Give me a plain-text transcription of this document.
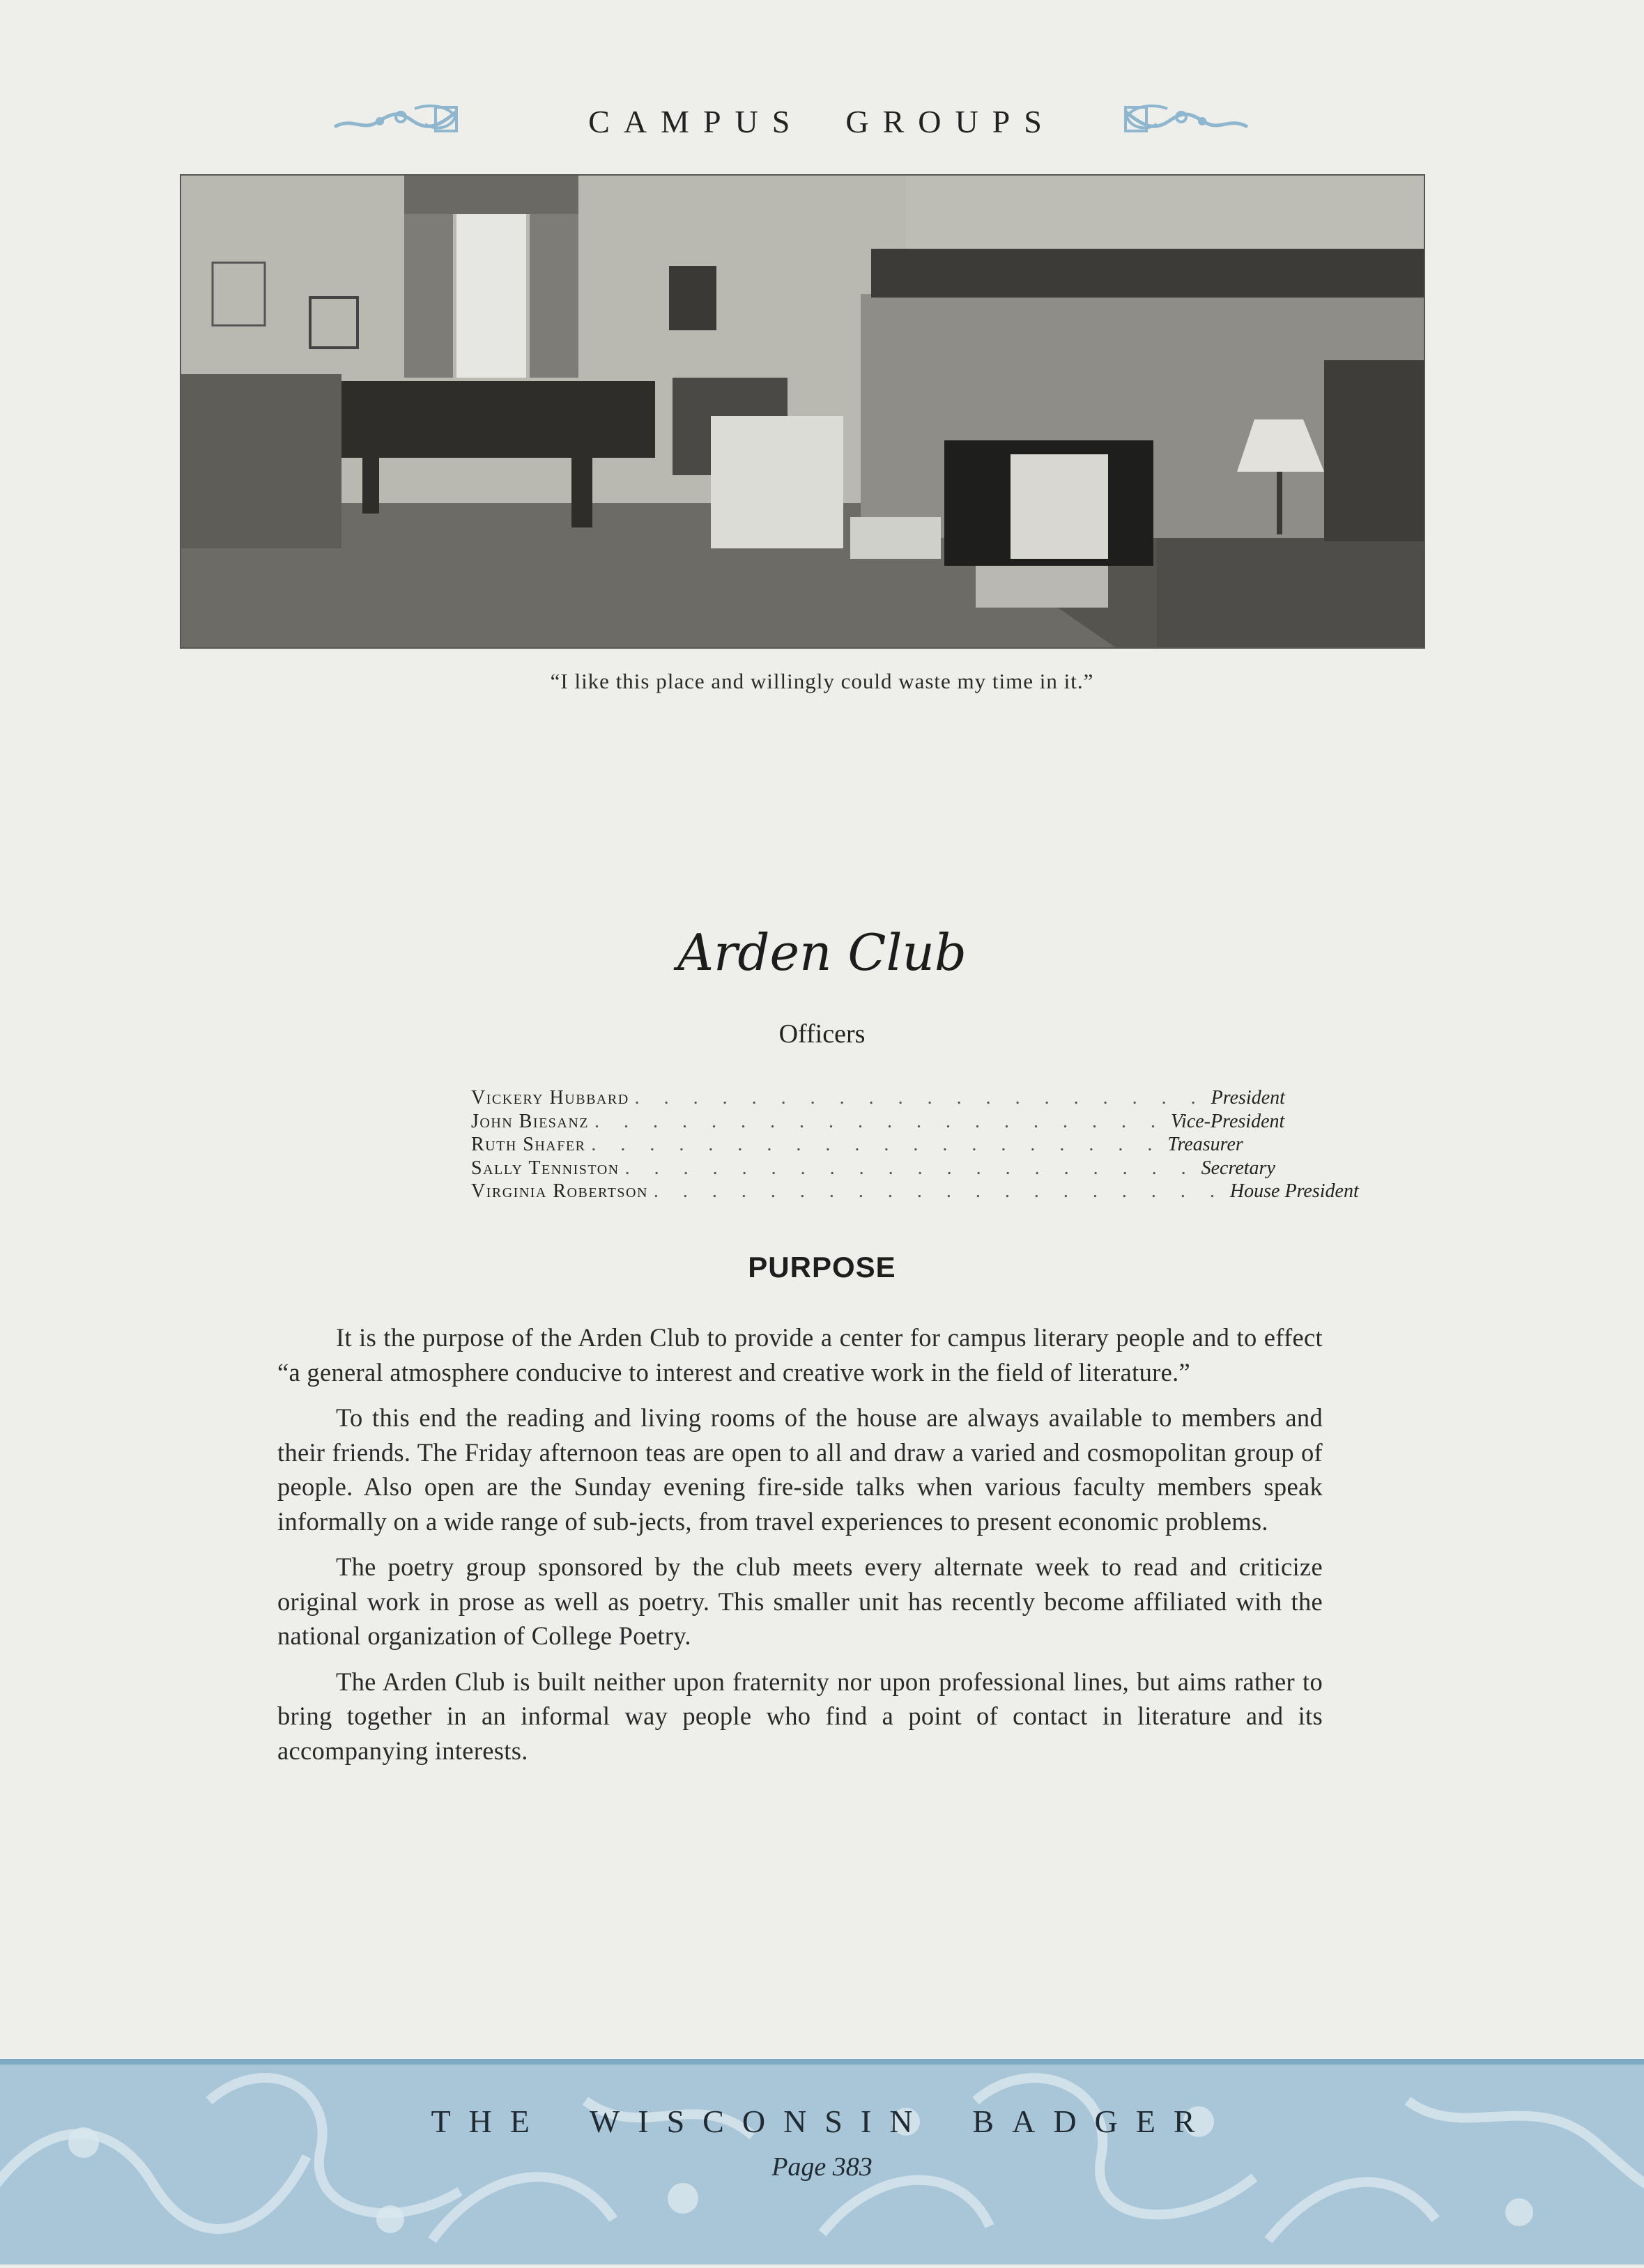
CAMPUS GROUPS
“I like this place and willingly could waste my time in it.”
Arden Club
Officers
Vickery Hubbard . . . . . . . . . . . . . . . . . . . . President
John Biesanz . . . . . . . . . . . . . . . . . . . . Vice-President
Ruth Shafer . . . . . . . . . . . . . . . . . . . . Treasurer
Sally Tenniston . . . . . . . . . . . . . . . . . . . . Secretary
Virginia Robertson . . . . . . . . . . . . . . . . . . . . House President
PURPOSE

It is the purpose of the Arden Club to provide a center for campus literary people and to effect “a general atmosphere conducive to interest and creative work in the field of literature.”

To this end the reading and living rooms of the house are always available to members and their friends. The Friday afternoon teas are open to all and draw a varied and cosmopolitan group of people. Also open are the Sunday evening fire-side talks when various faculty members speak informally on a wide range of sub-jects, from travel experiences to present economic problems.

The poetry group sponsored by the club meets every alternate week to read and criticize original work in prose as well as poetry. This smaller unit has recently become affiliated with the national organization of College Poetry.

The Arden Club is built neither upon fraternity nor upon professional lines, but aims rather to bring together in an informal way people who find a point of contact in literature and its accompanying interests.

THE WISCONSIN BADGER
Page 383
